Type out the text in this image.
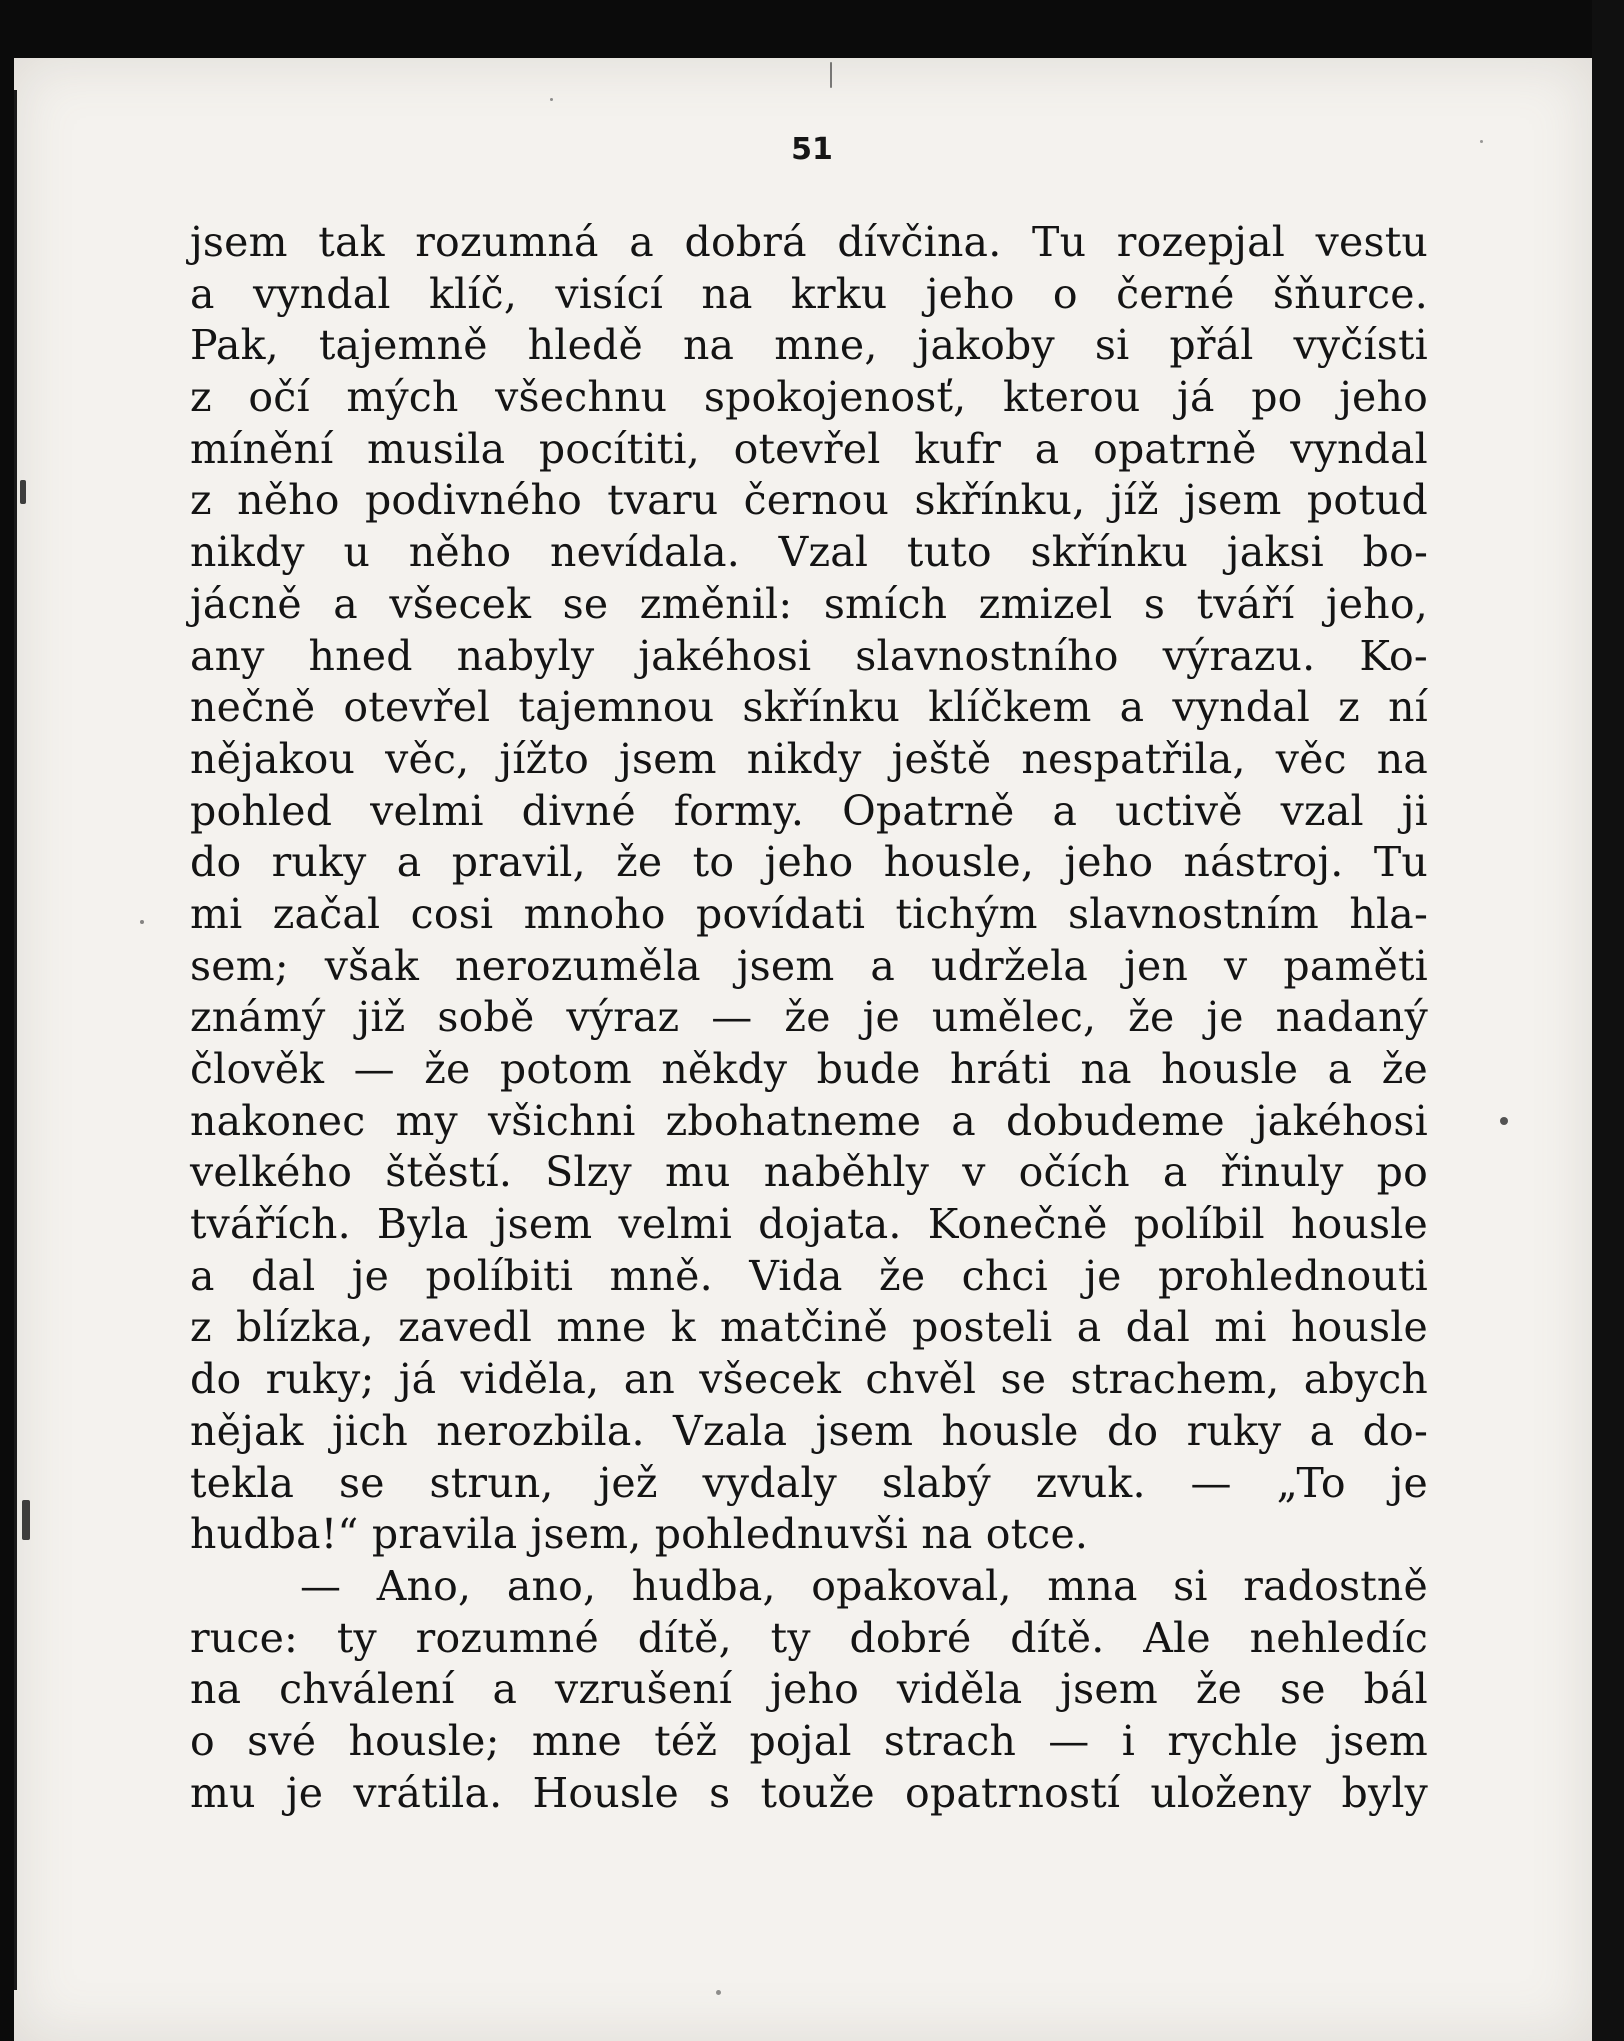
51
jsem tak rozumná a dobrá dívčina. Tu rozepjal vestu
a vyndal klíč, visící na krku jeho o černé šňurce.
Pak, tajemně hledě na mne, jakoby si přál vyčísti
z očí mých všechnu spokojenosť, kterou já po jeho
mínění musila pocítiti, otevřel kufr a opatrně vyndal
z něho podivného tvaru černou skřínku, jíž jsem potud
nikdy u něho nevídala. Vzal tuto skřínku jaksi bo-
jácně a všecek se změnil: smích zmizel s tváří jeho,
any hned nabyly jakéhosi slavnostního výrazu. Ko-
nečně otevřel tajemnou skřínku klíčkem a vyndal z ní
nějakou věc, jížto jsem nikdy ještě nespatřila, věc na
pohled velmi divné formy. Opatrně a uctivě vzal ji
do ruky a pravil, že to jeho housle, jeho nástroj. Tu
mi začal cosi mnoho povídati tichým slavnostním hla-
sem; však nerozuměla jsem a udržela jen v paměti
známý již sobě výraz — že je umělec, že je nadaný
člověk — že potom někdy bude hráti na housle a že
nakonec my všichni zbohatneme a dobudeme jakéhosi
velkého štěstí. Slzy mu naběhly v očích a řinuly po
tvářích. Byla jsem velmi dojata. Konečně políbil housle
a dal je políbiti mně. Vida že chci je prohlednouti
z blízka, zavedl mne k matčině posteli a dal mi housle
do ruky; já viděla, an všecek chvěl se strachem, abych
nějak jich nerozbila. Vzala jsem housle do ruky a do-
tekla se strun, jež vydaly slabý zvuk. — „To je
hudba!“ pravila jsem, pohlednuvši na otce.
— Ano, ano, hudba, opakoval, mna si radostně
ruce: ty rozumné dítě, ty dobré dítě. Ale nehledíc
na chválení a vzrušení jeho viděla jsem že se bál
o své housle; mne též pojal strach — i rychle jsem
mu je vrátila. Housle s touže opatrností uloženy byly
